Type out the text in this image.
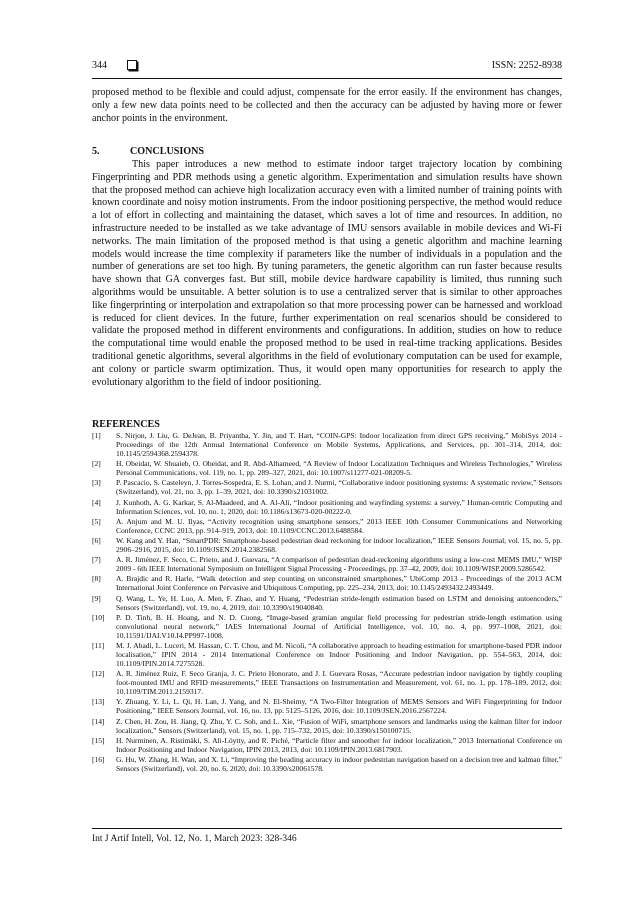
344	ISSN: 2252-8938

proposed method to be flexible and could adjust, compensate for the error easily. If the environment has changes, only a few new data points need to be collected and then the accuracy can be adjusted by having more or fewer anchor points in the environment.

5.	CONCLUSIONS

This paper introduces a new method to estimate indoor target trajectory location by combining Fingerprinting and PDR methods using a genetic algorithm. Experimentation and simulation results have shown that the proposed method can achieve high localization accuracy even with a limited number of training points with known coordinate and noisy motion instruments. From the indoor positioning perspective, the method would reduce a lot of effort in collecting and maintaining the dataset, which saves a lot of time and resources. In addition, no infrastructure needed to be installed as we take advantage of IMU sensors available in mobile devices and Wi-Fi networks. The main limitation of the proposed method is that using a genetic algorithm and machine learning models would increase the time complexity if parameters like the number of individuals in a population and the number of generations are set too high. By tuning parameters, the genetic algorithm can run faster because results have shown that GA converges fast. But still, mobile device hardware capability is limited, thus running such algorithms would be unsuitable. A better solution is to use a centralized server that is similar to other approaches like fingerprinting or interpolation and extrapolation so that more processing power can be harnessed and workload is reduced for client devices. In the future, further experimentation on real scenarios should be considered to validate the proposed method in different environments and configurations. In addition, studies on how to reduce the computational time would enable the proposed method to be used in real-time tracking applications. Besides traditional genetic algorithms, several algorithms in the field of evolutionary computation can be used for example, ant colony or particle swarm optimization. Thus, it would open many opportunities for research to apply the evolutionary algorithm to the field of indoor positioning.

REFERENCES
[1] S. Nirjon, J. Liu, G. DeJean, B. Priyantha, Y. Jin, and T. Hart, “COIN-GPS: Indoor localization from direct GPS receiving,” MobiSys 2014 - Proceedings of the 12th Annual International Conference on Mobile Systems, Applications, and Services, pp. 301–314, 2014, doi: 10.1145/2594368.2594378.
[2] H. Obeidat, W. Shuaieb, O. Obeidat, and R. Abd-Alhameed, “A Review of Indoor Localization Techniques and Wireless Technologies,” Wireless Personal Communications, vol. 119, no. 1, pp. 289–327, 2021, doi: 10.1007/s11277-021-08209-5.
[3] P. Pascacio, S. Casteleyn, J. Torres-Sospedra, E. S. Lohan, and J. Nurmi, “Collaborative indoor positioning systems: A systematic review,” Sensors (Switzerland), vol. 21, no. 3, pp. 1–39, 2021, doi: 10.3390/s21031002.
[4] J. Kunhoth, A. G. Karkar, S. Al-Maadeed, and A. Al-Ali, “Indoor positioning and wayfinding systems: a survey,” Human-centric Computing and Information Sciences, vol. 10, no. 1, 2020, doi: 10.1186/s13673-020-00222-0.
[5] A. Anjum and M. U. Ilyas, “Activity recognition using smartphone sensors,” 2013 IEEE 10th Consumer Communications and Networking Conference, CCNC 2013, pp. 914–919, 2013, doi: 10.1109/CCNC.2013.6488584.
[6] W. Kang and Y. Han, “SmartPDR: Smartphone-based pedestrian dead reckoning for indoor localization,” IEEE Sensors Journal, vol. 15, no. 5, pp. 2906–2916, 2015, doi: 10.1109/JSEN.2014.2382568.
[7] A. R. Jiménez, F. Seco, C. Prieto, and J. Guevara, “A comparison of pedestrian dead-reckoning algorithms using a low-cost MEMS IMU,” WISP 2009 - 6th IEEE International Symposium on Intelligent Signal Processing - Proceedings, pp. 37–42, 2009, doi: 10.1109/WISP.2009.5286542.
[8] A. Brajdic and R. Harle, “Walk detection and step counting on unconstrained smartphones,” UbiComp 2013 - Proceedings of the 2013 ACM International Joint Conference on Pervasive and Ubiquitous Computing, pp. 225–234, 2013, doi: 10.1145/2493432.2493449.
[9] Q. Wang, L. Ye, H. Luo, A. Men, F. Zhao, and Y. Huang, “Pedestrian stride-length estimation based on LSTM and denoising autoencoders,” Sensors (Switzerland), vol. 19, no. 4, 2019, doi: 10.3390/s19040840.
[10] P. D. Tinh, B. H. Hoang, and N. D. Cuong, “Image-based gramian angular field processing for pedestrian stride-length estimation using convolutional neural network,” IAES International Journal of Artificial Intelligence, vol. 10, no. 4, pp. 997–1008, 2021, doi: 10.11591/IJAI.V10.I4.PP997-1008.
[11] M. J. Abadi, L. Luceri, M. Hassan, C. T. Chou, and M. Nicoli, “A collaborative approach to heading estimation for smartphone-based PDR indoor localisation,” IPIN 2014 - 2014 International Conference on Indoor Positioning and Indoor Navigation, pp. 554–563, 2014, doi: 10.1109/IPIN.2014.7275528.
[12] A. R. Jiménez Ruiz, F. Seco Granja, J. C. Prieto Honorato, and J. I. Guevara Rosas, “Accurate pedestrian indoor navigation by tightly coupling foot-mounted IMU and RFID measurements,” IEEE Transactions on Instrumentation and Measurement, vol. 61, no. 1, pp. 178–189, 2012, doi: 10.1109/TIM.2011.2159317.
[13] Y. Zhuang, Y. Li, L. Qi, H. Lan, J. Yang, and N. El-Sheimy, “A Two-Filter Integration of MEMS Sensors and WiFi Fingerprinting for Indoor Positioning,” IEEE Sensors Journal, vol. 16, no. 13, pp. 5125–5126, 2016, doi: 10.1109/JSEN.2016.2567224.
[14] Z. Chen, H. Zou, H. Jiang, Q. Zhu, Y. C. Soh, and L. Xie, “Fusion of WiFi, smartphone sensors and landmarks using the kalman filter for indoor localization,” Sensors (Switzerland), vol. 15, no. 1, pp. 715–732, 2015, doi: 10.3390/s150100715.
[15] H. Nurminen, A. Ristimäki, S. Ali-Löytty, and R. Piché, “Particle filter and smoother for indoor localization,” 2013 International Conference on Indoor Positioning and Indoor Navigation, IPIN 2013, 2013, doi: 10.1109/IPIN.2013.6817903.
[16] G. Hu, W. Zhang, H. Wan, and X. Li, “Improving the heading accuracy in indoor pedestrian navigation based on a decision tree and kalman filter,” Sensors (Switzerland), vol. 20, no. 6, 2020, doi: 10.3390/s20061578.
Int J Artif Intell, Vol. 12, No. 1, March 2023: 328-346
